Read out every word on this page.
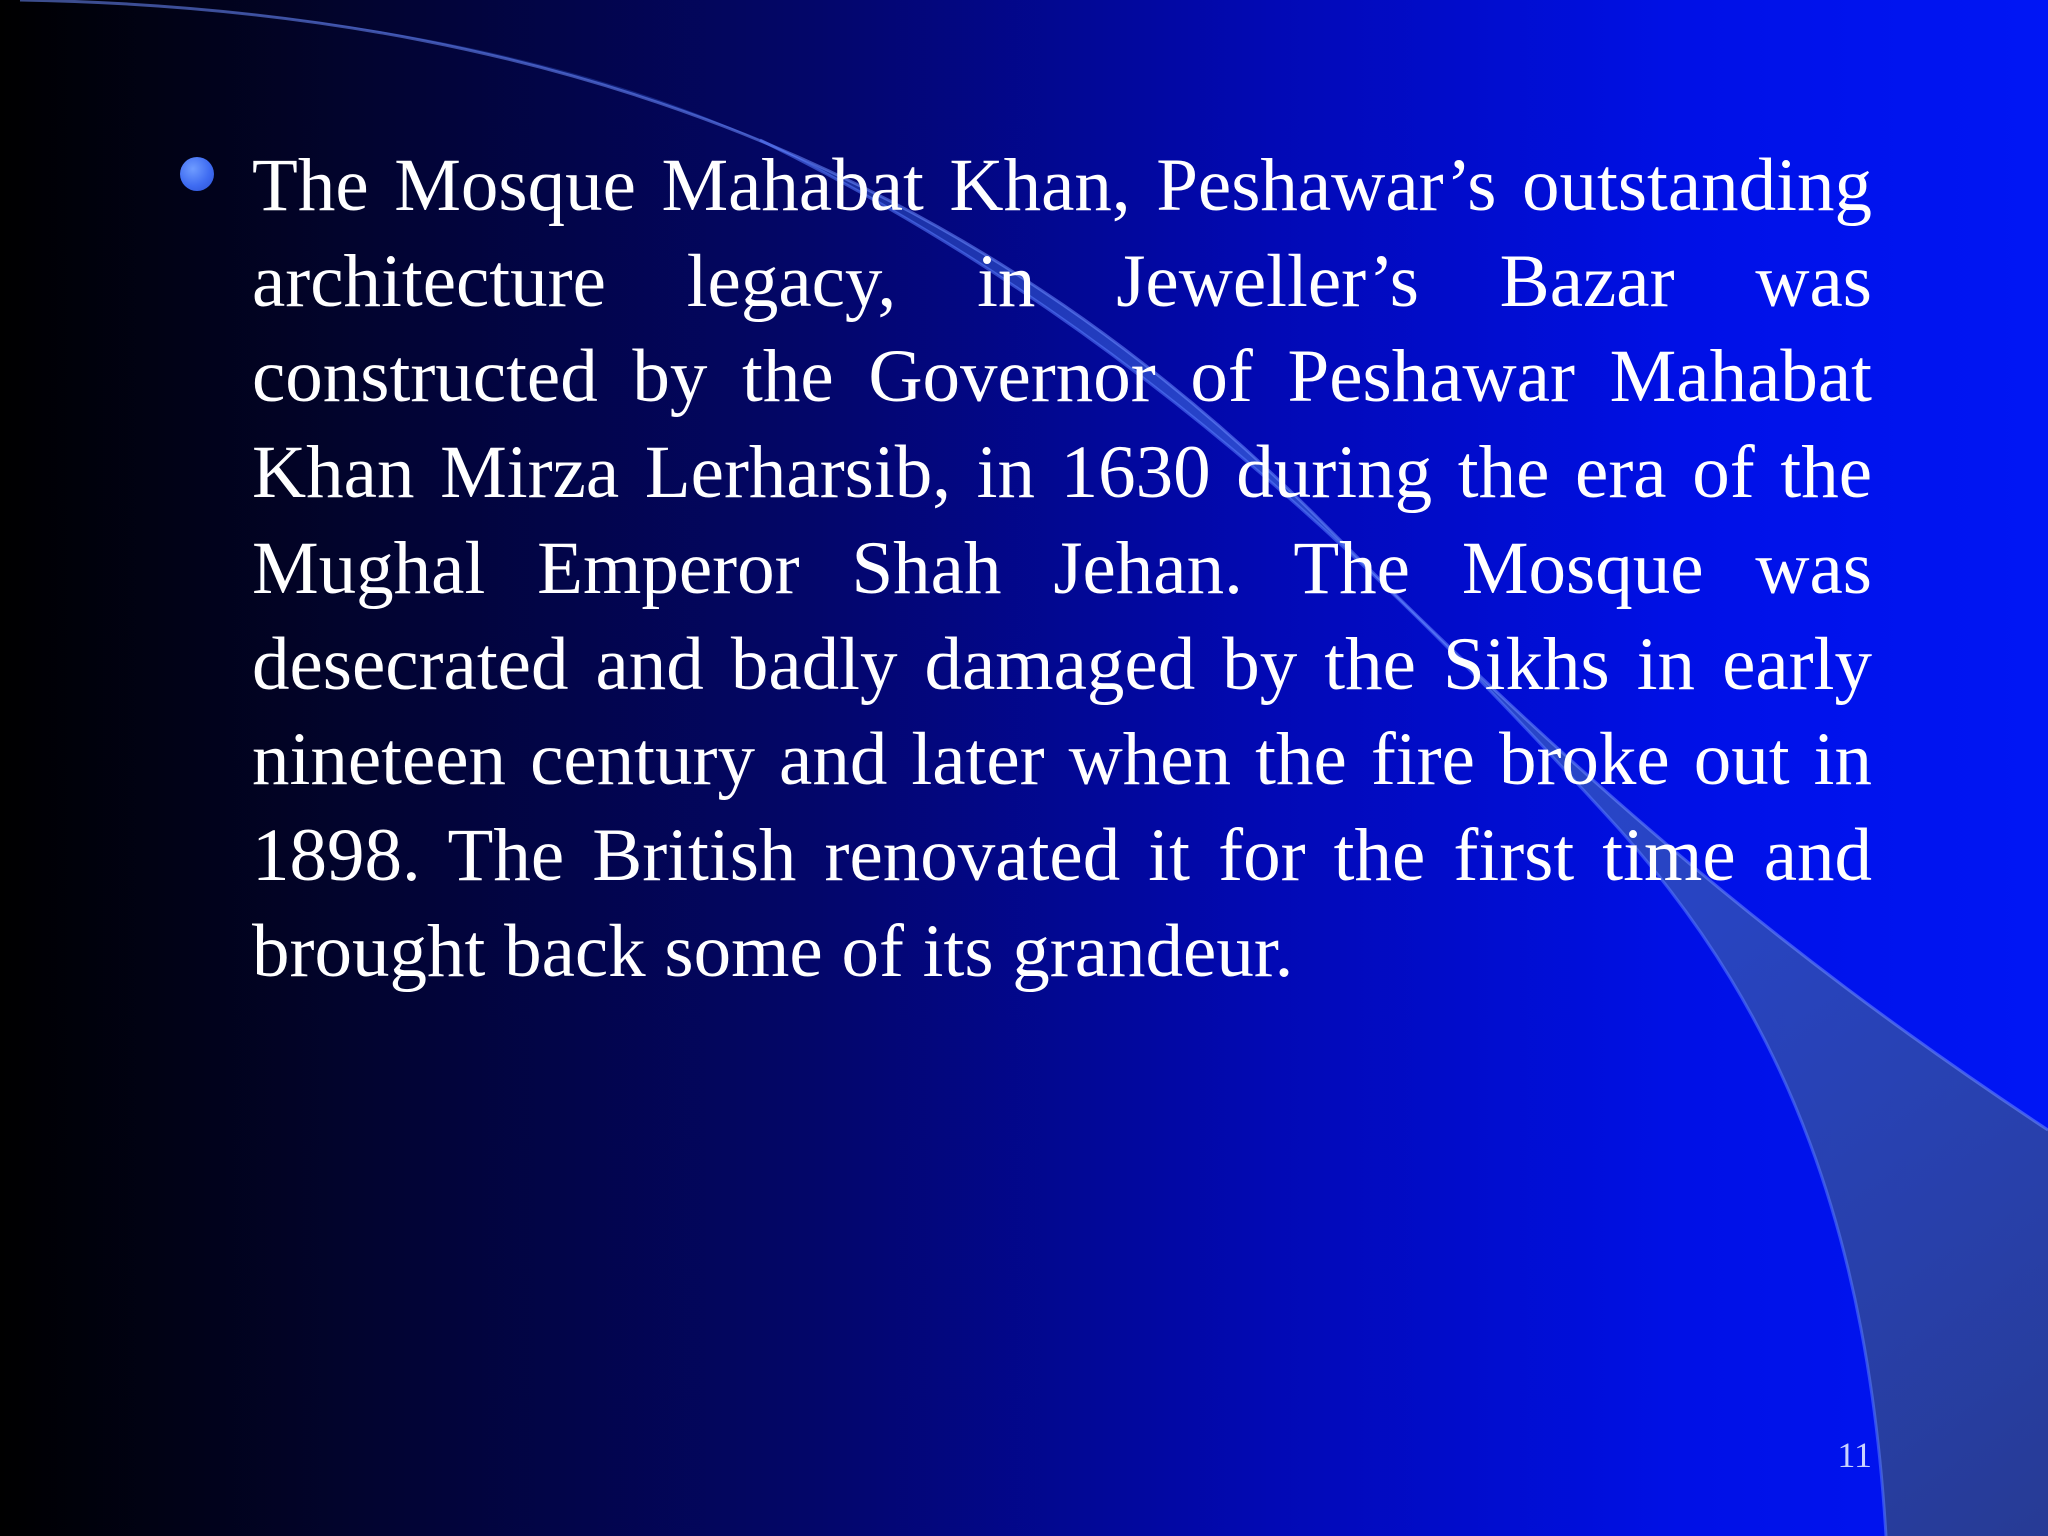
The Mosque Mahabat Khan, Peshawar’s outstanding architecture legacy, in Jeweller’s Bazar was constructed by the Governor of Peshawar Mahabat Khan Mirza Lerharsib, in 1630 during the era of the Mughal Emperor Shah Jehan. The Mosque was desecrated and badly damaged by the Sikhs in early nineteen century and later when the fire broke out in 1898. The British renovated it for the first time and brought back some of its grandeur.
11
